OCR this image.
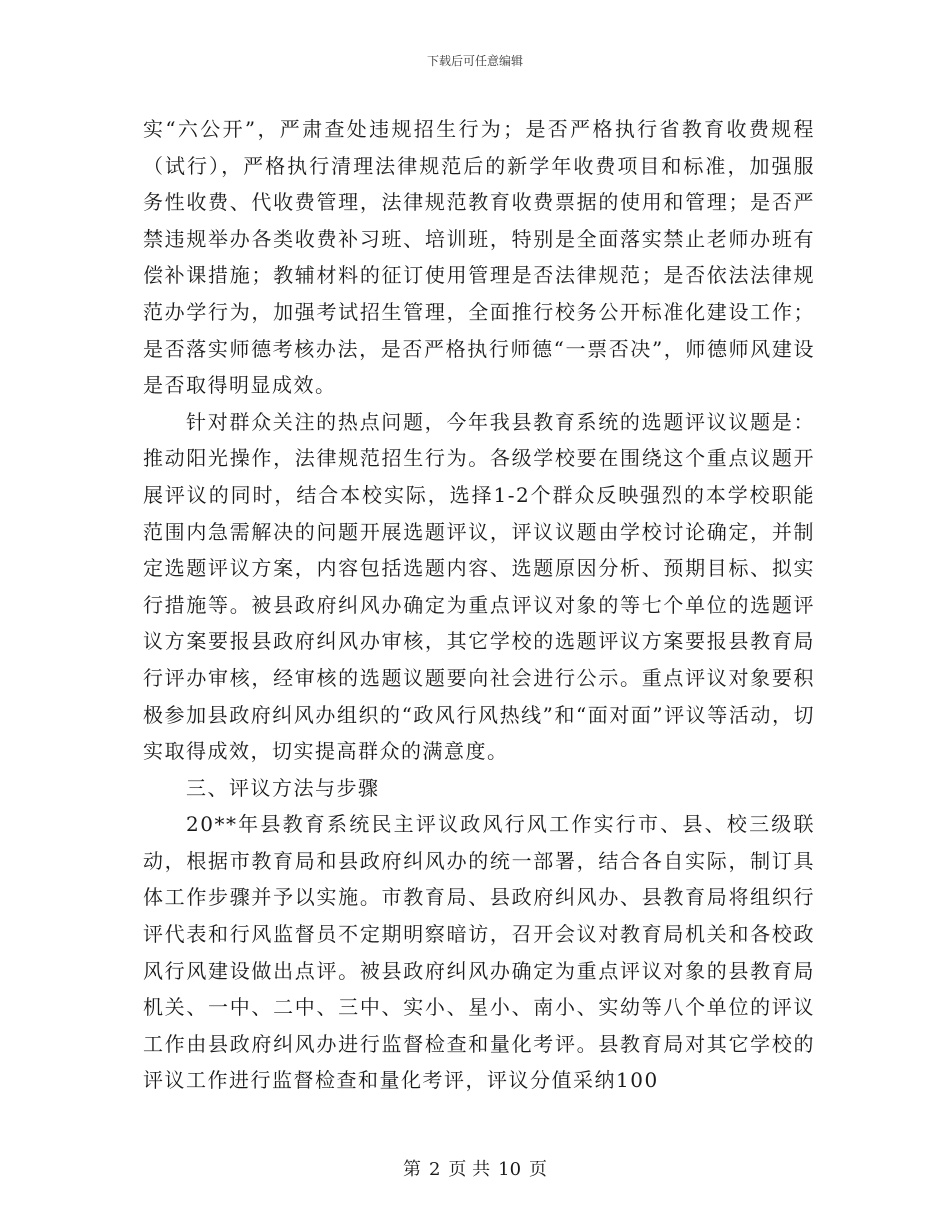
下载后可任意编辑

实“六公开”，严肃查处违规招生行为；是否严格执行省教育收费规程（试行），严格执行清理法律规范后的新学年收费项目和标准，加强服务性收费、代收费管理，法律规范教育收费票据的使用和管理；是否严禁违规举办各类收费补习班、培训班，特别是全面落实禁止老师办班有偿补课措施；教辅材料的征订使用管理是否法律规范；是否依法法律规范办学行为，加强考试招生管理，全面推行校务公开标准化建设工作；是否落实师德考核办法，是否严格执行师德“一票否决”，师德师风建设是否取得明显成效。

针对群众关注的热点问题，今年我县教育系统的选题评议议题是：推动阳光操作，法律规范招生行为。各级学校要在围绕这个重点议题开展评议的同时，结合本校实际，选择1-2个群众反映强烈的本学校职能范围内急需解决的问题开展选题评议，评议议题由学校讨论确定，并制定选题评议方案，内容包括选题内容、选题原因分析、预期目标、拟实行措施等。被县政府纠风办确定为重点评议对象的等七个单位的选题评议方案要报县政府纠风办审核，其它学校的选题评议方案要报县教育局行评办审核，经审核的选题议题要向社会进行公示。重点评议对象要积极参加县政府纠风办组织的“政风行风热线”和“面对面”评议等活动，切实取得成效，切实提高群众的满意度。

三、评议方法与步骤

20**年县教育系统民主评议政风行风工作实行市、县、校三级联动，根据市教育局和县政府纠风办的统一部署，结合各自实际，制订具体工作步骤并予以实施。市教育局、县政府纠风办、县教育局将组织行评代表和行风监督员不定期明察暗访，召开会议对教育局机关和各校政风行风建设做出点评。被县政府纠风办确定为重点评议对象的县教育局机关、一中、二中、三中、实小、星小、南小、实幼等八个单位的评议工作由县政府纠风办进行监督检查和量化考评。县教育局对其它学校的评议工作进行监督检查和量化考评，评议分值采纳100

第 2 页 共 10 页
